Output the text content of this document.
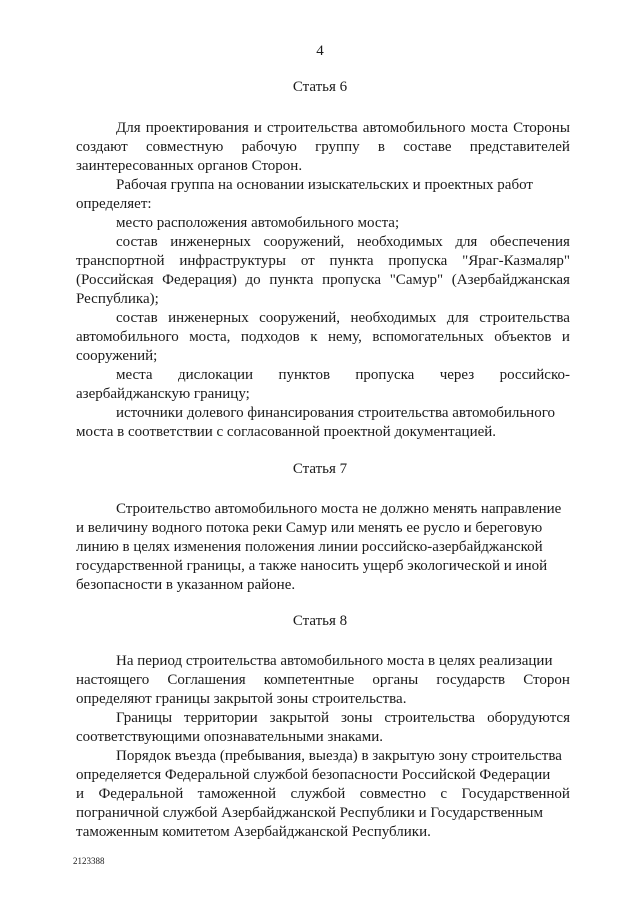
4
Статья 6
Для проектирования и строительства автомобильного моста Стороны
создают совместную рабочую группу в составе представителей
заинтересованных органов Сторон.
Рабочая группа на основании изыскательских и проектных работ
определяет:
место расположения автомобильного моста;
состав инженерных сооружений, необходимых для обеспечения
транспортной инфраструктуры от пункта пропуска "Яраг-Казмаляр"
(Российская Федерация) до пункта пропуска "Самур" (Азербайджанская
Республика);
состав инженерных сооружений, необходимых для строительства
автомобильного моста, подходов к нему, вспомогательных объектов и
сооружений;
места дислокации пунктов пропуска через российско-
азербайджанскую границу;
источники долевого финансирования строительства автомобильного
моста в соответствии с согласованной проектной документацией.
Статья 7
Строительство автомобильного моста не должно менять направление
и величину водного потока реки Самур или менять ее русло и береговую
линию в целях изменения положения линии российско-азербайджанской
государственной границы, а также наносить ущерб экологической и иной
безопасности в указанном районе.
Статья 8
На период строительства автомобильного моста в целях реализации
настоящего Соглашения компетентные органы государств Сторон
определяют границы закрытой зоны строительства.
Границы территории закрытой зоны строительства оборудуются
соответствующими опознавательными знаками.
Порядок въезда (пребывания, выезда) в закрытую зону строительства
определяется Федеральной службой безопасности Российской Федерации
и Федеральной таможенной службой совместно с Государственной
пограничной службой Азербайджанской Республики и Государственным
таможенным комитетом Азербайджанской Республики.
2123388
